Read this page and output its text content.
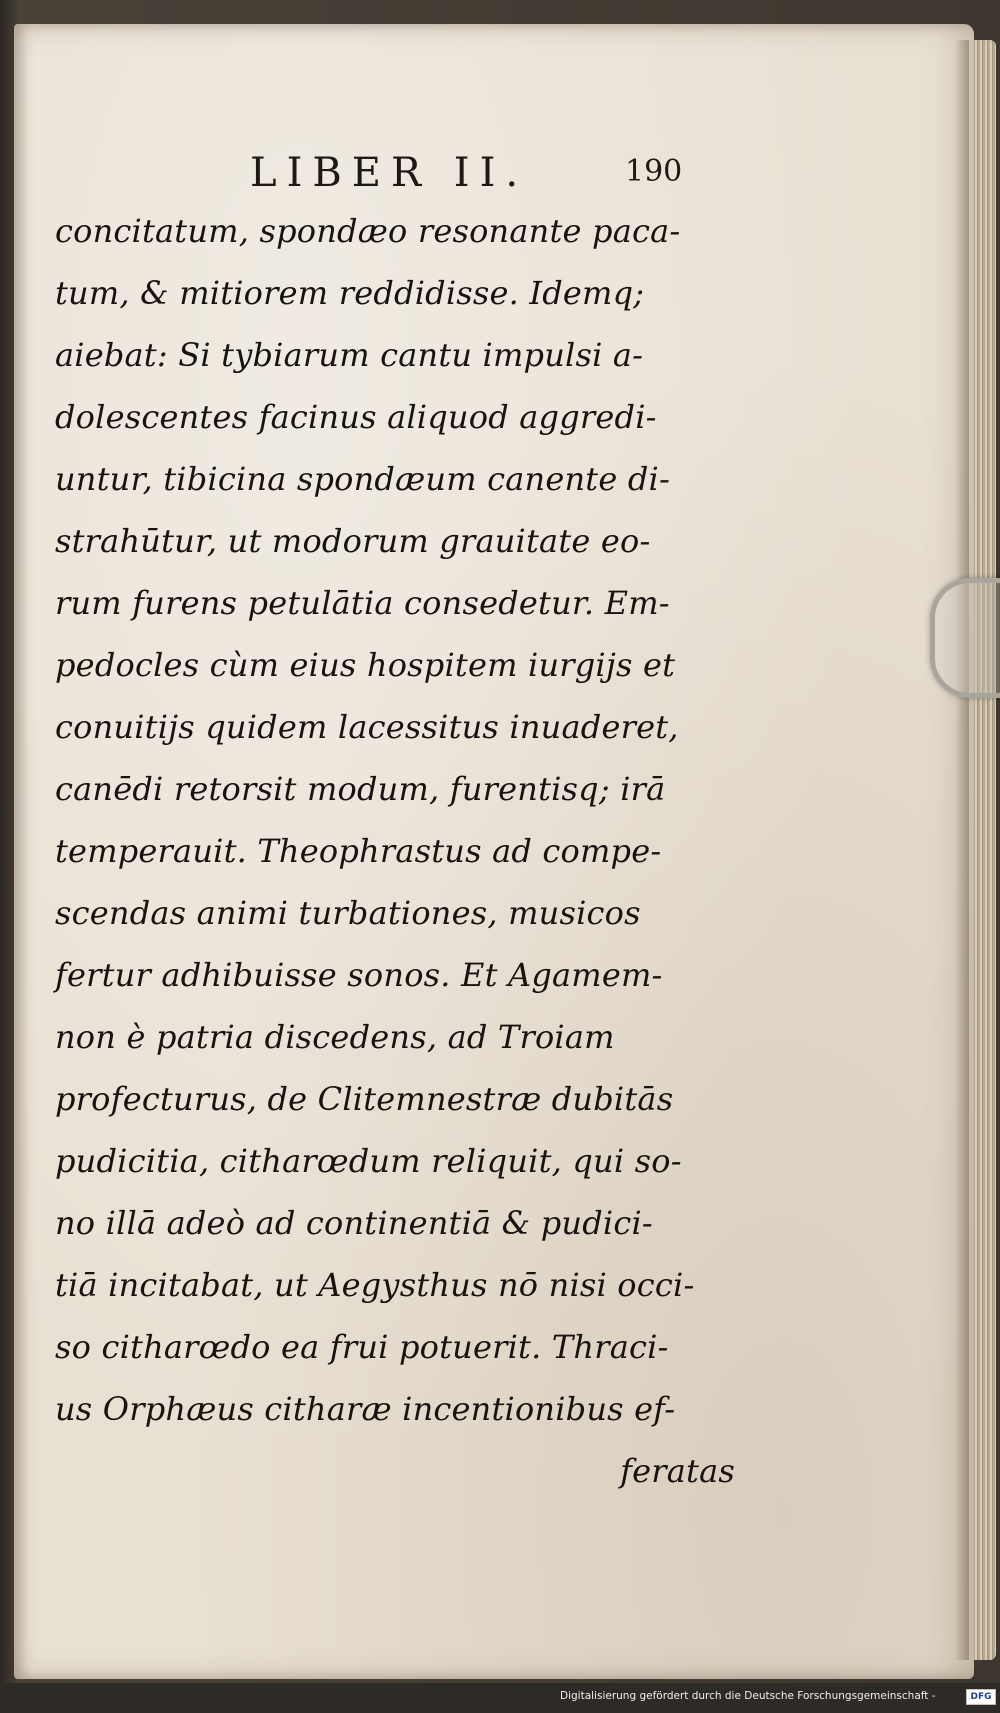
LIBER II.	190
concitatum, spondæo resonante paca-
tum, & mitiorem reddidisse. Idemq;
aiebat: Si tybiarum cantu impulsi a-
dolescentes facinus aliquod aggredi-
untur, tibicina spondæum canente di-
strahūtur, ut modorum grauitate eo-
rum furens petulātia consedetur. Em-
pedocles cùm eius hospitem iurgijs et
conuitijs quidem lacessitus inuaderet,
canēdi retorsit modum, furentisq; irā
temperauit. Theophrastus ad compe-
scendas animi turbationes, musicos
fertur adhibuisse sonos. Et Agamem-
non è patria discedens, ad Troiam
profecturus, de Clitemnestræ dubitās
pudicitia, citharœdum reliquit, qui so-
no illā adeò ad continentiā & pudici-
tiā incitabat, ut Aegysthus nō nisi occi-
so citharœdo ea frui potuerit. Thraci-
us Orphæus citharæ incentionibus ef-
feratas
Digitalisierung gefördert durch die Deutsche Forschungsgemeinschaft -	DFG
